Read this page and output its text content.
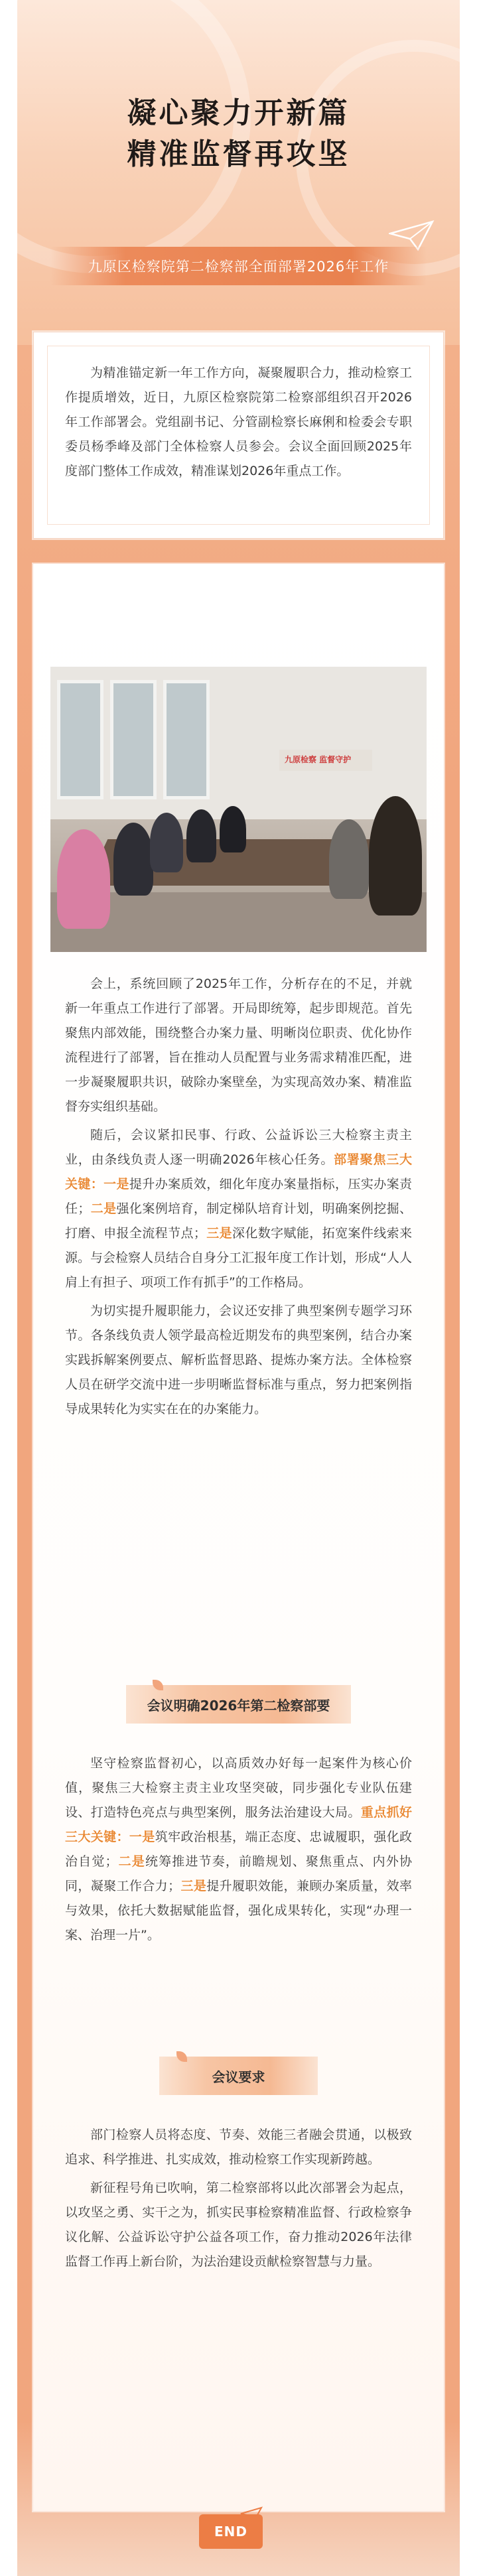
凝心聚力开新篇
精准监督再攻坚
九原区检察院第二检察部全面部署2026年工作

为精准锚定新一年工作方向，凝聚履职合力，推动检察工作提质增效，近日，九原区检察院第二检察部组织召开2026年工作部署会。党组副书记、分管副检察长麻俐和检委会专职委员杨季峰及部门全体检察人员参会。会议全面回顾2025年度部门整体工作成效，精准谋划2026年重点工作。

九原检察 监督守护

会上，系统回顾了2025年工作，分析存在的不足，并就新一年重点工作进行了部署。开局即统筹，起步即规范。首先聚焦内部效能，围绕整合办案力量、明晰岗位职责、优化协作流程进行了部署，旨在推动人员配置与业务需求精准匹配，进一步凝聚履职共识，破除办案壁垒，为实现高效办案、精准监督夯实组织基础。

随后，会议紧扣民事、行政、公益诉讼三大检察主责主业，由条线负责人逐一明确2026年核心任务。部署聚焦三大关键：一是提升办案质效，细化年度办案量指标，压实办案责任；二是强化案例培育，制定梯队培育计划，明确案例挖掘、打磨、申报全流程节点；三是深化数字赋能，拓宽案件线索来源。与会检察人员结合自身分工汇报年度工作计划，形成“人人肩上有担子、项项工作有抓手”的工作格局。

为切实提升履职能力，会议还安排了典型案例专题学习环节。各条线负责人领学最高检近期发布的典型案例，结合办案实践拆解案例要点、解析监督思路、提炼办案方法。全体检察人员在研学交流中进一步明晰监督标准与重点，努力把案例指导成果转化为实实在在的办案能力。

会议明确2026年第二检察部要

坚守检察监督初心，以高质效办好每一起案件为核心价值，聚焦三大检察主责主业攻坚突破，同步强化专业队伍建设、打造特色亮点与典型案例，服务法治建设大局。重点抓好三大关键：一是筑牢政治根基，端正态度、忠诚履职，强化政治自觉；二是统筹推进节奏，前瞻规划、聚焦重点、内外协同，凝聚工作合力；三是提升履职效能，兼顾办案质量，效率与效果，依托大数据赋能监督，强化成果转化，实现“办理一案、治理一片”。

会议要求

部门检察人员将态度、节奏、效能三者融会贯通，以极致追求、科学推进、扎实成效，推动检察工作实现新跨越。

新征程号角已吹响，第二检察部将以此次部署会为起点，以攻坚之勇、实干之为，抓实民事检察精准监督、行政检察争议化解、公益诉讼守护公益各项工作，奋力推动2026年法律监督工作再上新台阶，为法治建设贡献检察智慧与力量。

END
